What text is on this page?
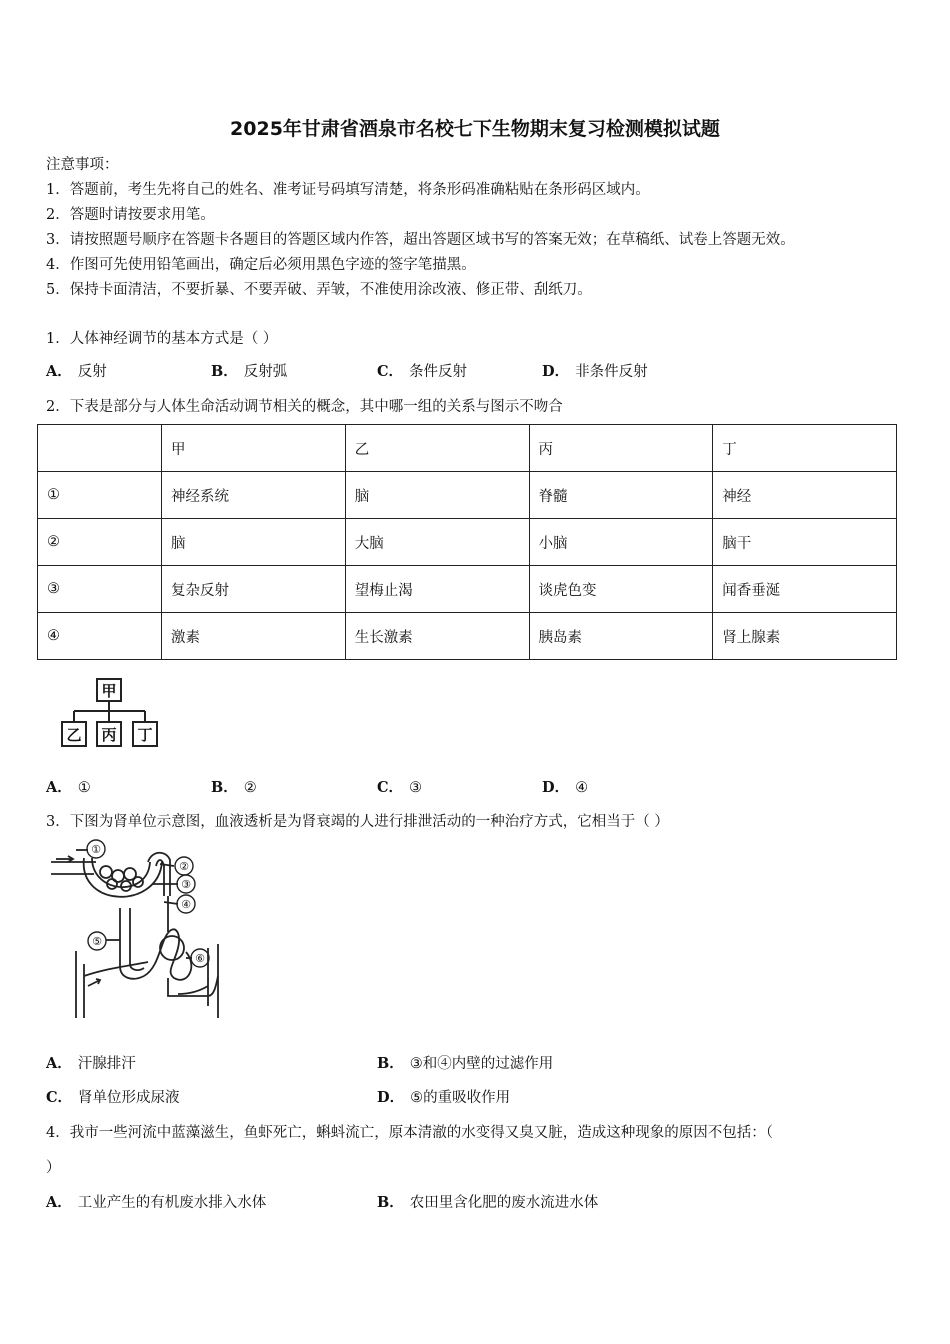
2025年甘肃省酒泉市名校七下生物期末复习检测模拟试题
注意事项：
1．答题前，考生先将自己的姓名、准考证号码填写清楚，将条形码准确粘贴在条形码区域内。
2．答题时请按要求用笔。
3．请按照题号顺序在答题卡各题目的答题区域内作答，超出答题区域书写的答案无效；在草稿纸、试卷上答题无效。
4．作图可先使用铅笔画出，确定后必须用黑色字迹的签字笔描黑。
5．保持卡面清洁，不要折暴、不要弄破、弄皱，不准使用涂改液、修正带、刮纸刀。
1．人体神经调节的基本方式是（ ）
A． 反射	B． 反射弧	C． 条件反射	D． 非条件反射
2．下表是部分与人体生命活动调节相关的概念，其中哪一组的关系与图示不吻合
	甲	乙	丙	丁
①	神经系统	脑	脊髓	神经
②	脑	大脑	小脑	脑干
③	复杂反射	望梅止渴	谈虎色变	闻香垂涎
④	激素	生长激素	胰岛素	肾上腺素
甲
乙 丙 丁
A． ①	B． ②	C． ③	D． ④
3．下图为肾单位示意图，血液透析是为肾衰竭的人进行排泄活动的一种治疗方式，它相当于（ ）
①
②
③
④
⑤
⑥
A． 汗腺排汗	B． ③和④内壁的过滤作用
C． 肾单位形成尿液	D． ⑤的重吸收作用
4．我市一些河流中蓝藻滋生，鱼虾死亡，蝌蚪流亡，原本清澈的水变得又臭又脏，造成这种现象的原因不包括：（
）
A． 工业产生的有机废水排入水体	B． 农田里含化肥的废水流进水体
